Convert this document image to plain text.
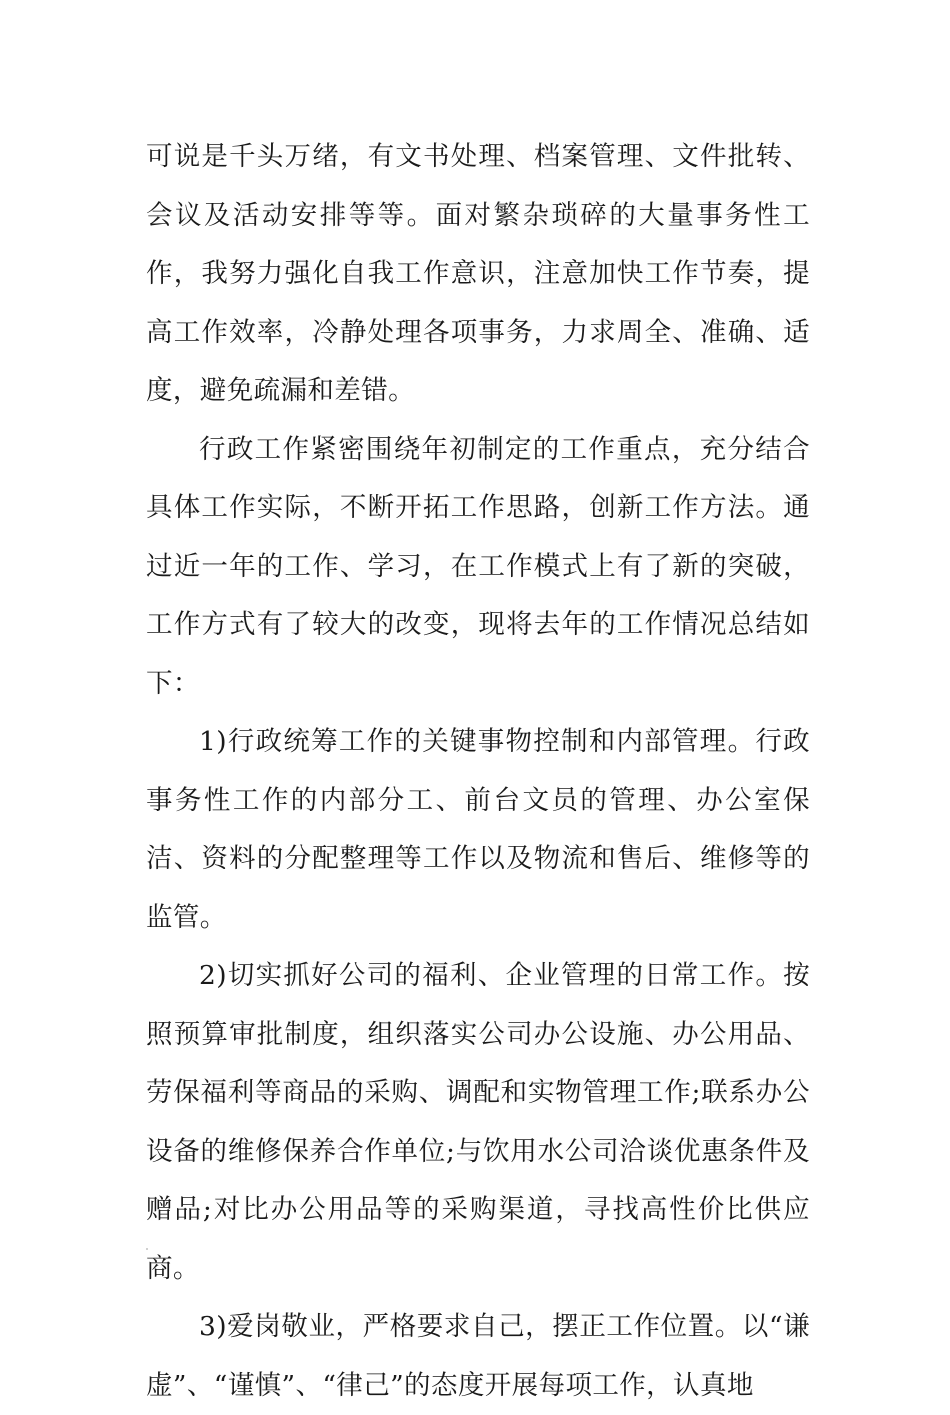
可说是千头万绪，有文书处理、档案管理、文件批转、会议及活动安排等等。面对繁杂琐碎的大量事务性工作，我努力强化自我工作意识，注意加快工作节奏，提高工作效率，冷静处理各项事务，力求周全、准确、适度，避免疏漏和差错。

行政工作紧密围绕年初制定的工作重点，充分结合具体工作实际，不断开拓工作思路，创新工作方法。通过近一年的工作、学习，在工作模式上有了新的突破，工作方式有了较大的改变，现将去年的工作情况总结如下：

1)行政统筹工作的关键事物控制和内部管理。行政事务性工作的内部分工、前台文员的管理、办公室保洁、资料的分配整理等工作以及物流和售后、维修等的监管。

2)切实抓好公司的福利、企业管理的日常工作。按照预算审批制度，组织落实公司办公设施、办公用品、劳保福利等商品的采购、调配和实物管理工作;联系办公设备的维修保养合作单位;与饮用水公司洽谈优惠条件及赠品;对比办公用品等的采购渠道，寻找高性价比供应商。

3)爱岗敬业，严格要求自己，摆正工作位置。以“谦虚”、“谨慎”、“律己”的态度开展每项工作，认真地
